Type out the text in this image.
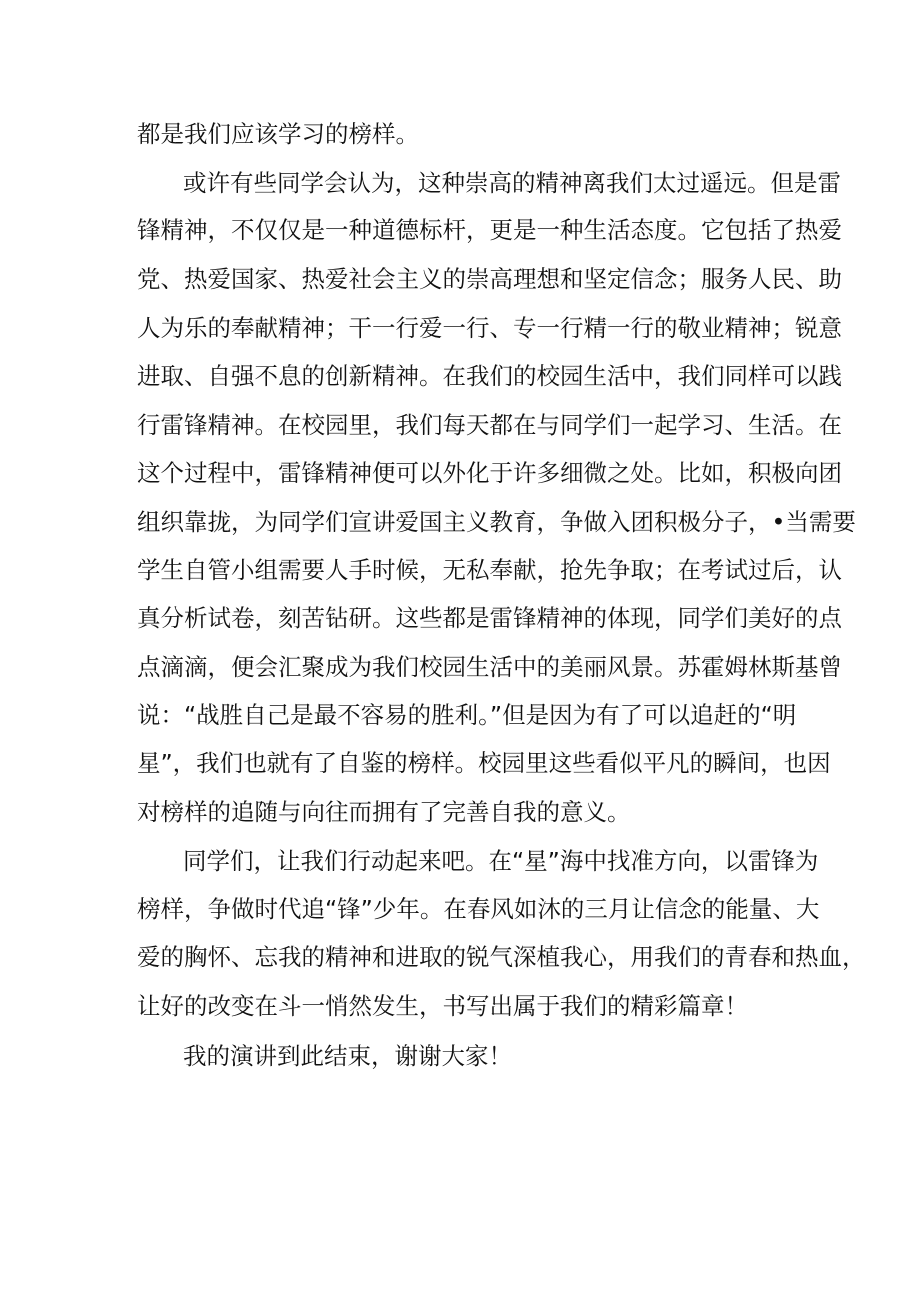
都是我们应该学习的榜样。
或许有些同学会认为，这种崇高的精神离我们太过遥远。但是雷
锋精神，不仅仅是一种道德标杆，更是一种生活态度。它包括了热爱
党、热爱国家、热爱社会主义的崇高理想和坚定信念；服务人民、助
人为乐的奉献精神；干一行爱一行、专一行精一行的敬业精神；锐意
进取、自强不息的创新精神。在我们的校园生活中，我们同样可以践
行雷锋精神。在校园里，我们每天都在与同学们一起学习、生活。在
这个过程中，雷锋精神便可以外化于许多细微之处。比如，积极向团
组织靠拢，为同学们宣讲爱国主义教育，争做入团积极分子，•当需要
学生自管小组需要人手时候，无私奉献，抢先争取；在考试过后，认
真分析试卷，刻苦钻研。这些都是雷锋精神的体现，同学们美好的点
点滴滴，便会汇聚成为我们校园生活中的美丽风景。苏霍姆林斯基曾
说：“战胜自己是最不容易的胜利。”但是因为有了可以追赶的“明
星”，我们也就有了自鉴的榜样。校园里这些看似平凡的瞬间，也因
对榜样的追随与向往而拥有了完善自我的意义。
同学们，让我们行动起来吧。在“星”海中找准方向，以雷锋为
榜样，争做时代追“锋”少年。在春风如沐的三月让信念的能量、大
爱的胸怀、忘我的精神和进取的锐气深植我心，用我们的青春和热血，
让好的改变在斗一悄然发生，书写出属于我们的精彩篇章！
我的演讲到此结束，谢谢大家！
